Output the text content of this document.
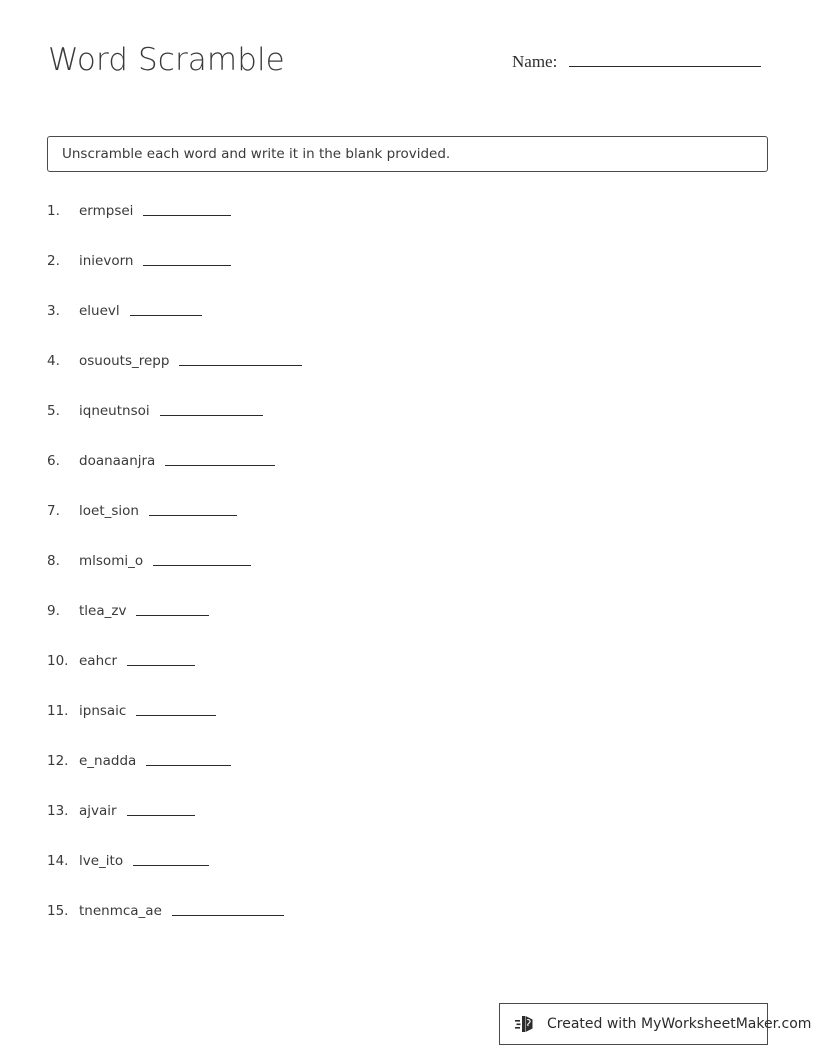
Word Scramble	Name:
Unscramble each word and write it in the blank provided.
1.	ermpsei
2.	inievorn
3.	eluevl
4.	osuouts_repp
5.	iqneutnsoi
6.	doanaanjra
7.	loet_sion
8.	mlsomi_o
9.	tlea_zv
10. eahcr
11. ipnsaic
12. e_nadda
13. ajvair
14. lve_ito
15. tnenmca_ae
Created with MyWorksheetMaker.com
